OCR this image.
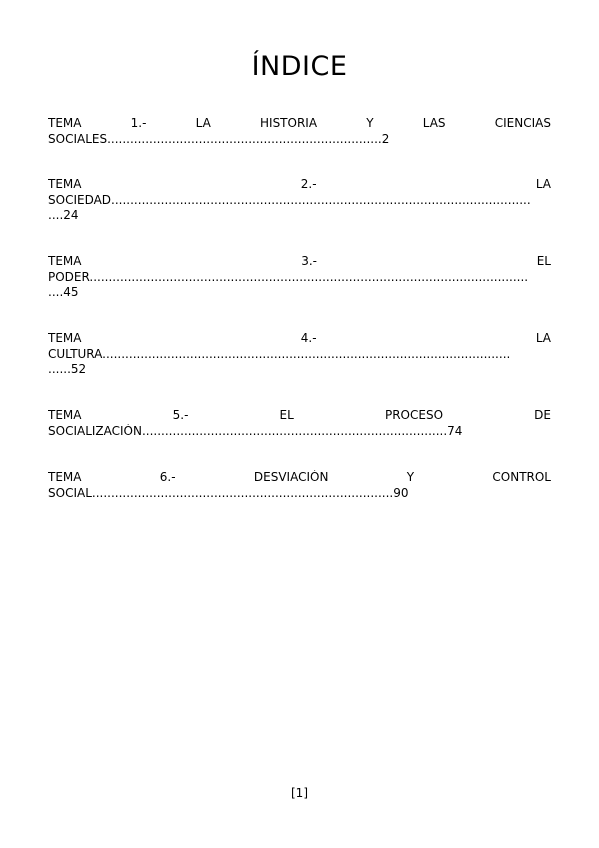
ÍNDICE
TEMA	1.-	LA	HISTORIA	Y	LAS	CIENCIAS
SOCIALES........................................................................2
TEMA	2.-	LA
SOCIEDAD..............................................................................................................
....24
TEMA	3.-	EL
PODER...................................................................................................................
....45
TEMA	4.-	LA
CULTURA...........................................................................................................
......52
TEMA	5.-	EL	PROCESO	DE
SOCIALIZACIÓN................................................................................74
TEMA	6.-	DESVIACIÓN	Y	CONTROL
SOCIAL...............................................................................90
[1]
